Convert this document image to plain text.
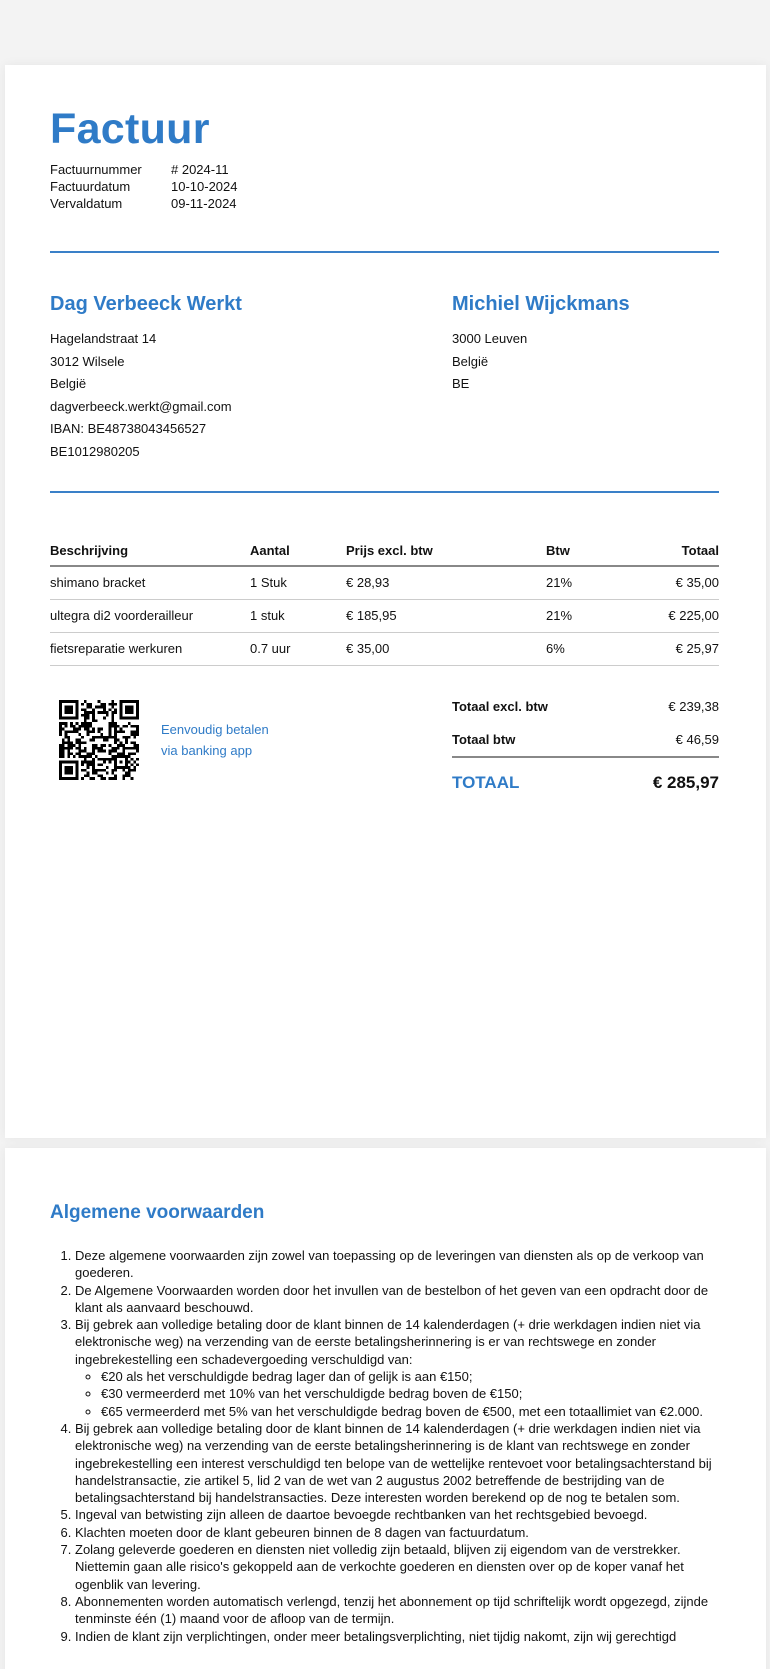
Factuur
Factuurnummer	# 2024-11
Factuurdatum	10-10-2024
Vervaldatum	09-11-2024
Dag Verbeeck Werkt
Hagelandstraat 14
3012 Wilsele
België
dagverbeeck.werkt@gmail.com
IBAN: BE48738043456527
BE1012980205
Michiel Wijckmans
3000 Leuven
België
BE
Beschrijving	Aantal	Prijs excl. btw	Btw	Totaal
shimano bracket	1 Stuk	€ 28,93	21%	€ 35,00
ultegra di2 voorderailleur	1 stuk	€ 185,95	21%	€ 225,00
fietsreparatie werkuren	0.7 uur	€ 35,00	6%	€ 25,97
Eenvoudig betalen
via banking app
Totaal excl. btw	€ 239,38
Totaal btw	€ 46,59
TOTAAL	€ 285,97
Algemene voorwaarden
1. Deze algemene voorwaarden zijn zowel van toepassing op de leveringen van diensten als op de verkoop van goederen.
2. De Algemene Voorwaarden worden door het invullen van de bestelbon of het geven van een opdracht door de klant als aanvaard beschouwd.
3. Bij gebrek aan volledige betaling door de klant binnen de 14 kalenderdagen (+ drie werkdagen indien niet via elektronische weg) na verzending van de eerste betalingsherinnering is er van rechtswege en zonder ingebrekestelling een schadevergoeding verschuldigd van:
◦ €20 als het verschuldigde bedrag lager dan of gelijk is aan €150;
◦ €30 vermeerderd met 10% van het verschuldigde bedrag boven de €150;
◦ €65 vermeerderd met 5% van het verschuldigde bedrag boven de €500, met een totaallimiet van €2.000.
4. Bij gebrek aan volledige betaling door de klant binnen de 14 kalenderdagen (+ drie werkdagen indien niet via elektronische weg) na verzending van de eerste betalingsherinnering is de klant van rechtswege en zonder ingebrekestelling een interest verschuldigd ten belope van de wettelijke rentevoet voor betalingsachterstand bij handelstransactie, zie artikel 5, lid 2 van de wet van 2 augustus 2002 betreffende de bestrijding van de betalingsachterstand bij handelstransacties. Deze interesten worden berekend op de nog te betalen som.
5. Ingeval van betwisting zijn alleen de daartoe bevoegde rechtbanken van het rechtsgebied bevoegd.
6. Klachten moeten door de klant gebeuren binnen de 8 dagen van factuurdatum.
7. Zolang geleverde goederen en diensten niet volledig zijn betaald, blijven zij eigendom van de verstrekker. Niettemin gaan alle risico's gekoppeld aan de verkochte goederen en diensten over op de koper vanaf het ogenblik van levering.
8. Abonnementen worden automatisch verlengd, tenzij het abonnement op tijd schriftelijk wordt opgezegd, zijnde tenminste één (1) maand voor de afloop van de termijn.
9. Indien de klant zijn verplichtingen, onder meer betalingsverplichting, niet tijdig nakomt, zijn wij gerechtigd
